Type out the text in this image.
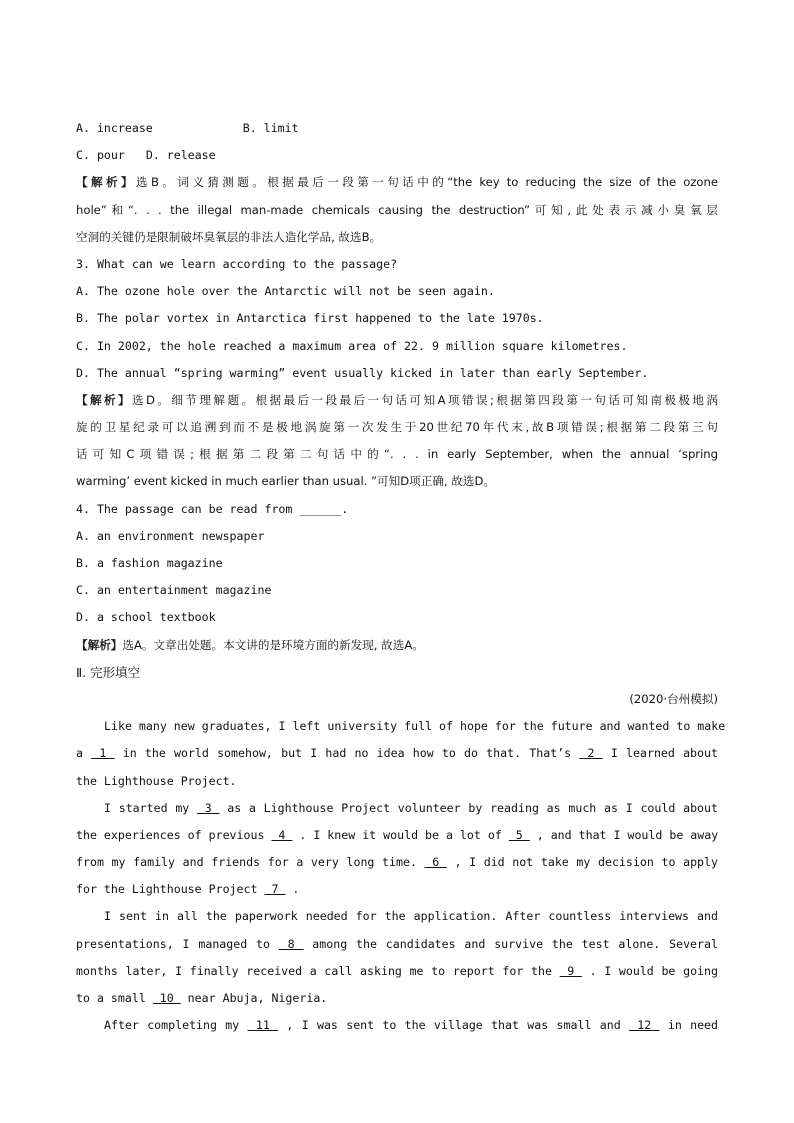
A. increase	B. limit
C. pour D. release
【解析】选B。词义猜测题。根据最后一段第一句话中的“the key to reducing the size of the ozone
hole”和“. . . the illegal man-made chemicals causing the destruction”可知,此处表示减小臭氧层
空洞的关键仍是限制破坏臭氧层的非法人造化学品, 故选B。
3. What can we learn according to the passage?
A. The ozone hole over the Antarctic will not be seen again.
B. The polar vortex in Antarctica first happened to the late 1970s.
C. In 2002, the hole reached a maximum area of 22. 9 million square kilometres.
D. The annual “spring warming” event usually kicked in later than early September.
【解析】选D。细节理解题。根据最后一段最后一句话可知A项错误;根据第四段第一句话可知南极极地涡
旋的卫星纪录可以追溯到而不是极地涡旋第一次发生于20世纪70年代末,故B项错误;根据第二段第三句
话可知C项错误;根据第二段第二句话中的“. . . in early September, when the annual ‘spring
warming’ event kicked in much earlier than usual. ”可知D项正确, 故选D。
4. The passage can be read from ______.
A. an environment newspaper
B. a fashion magazine
C. an entertainment magazine
D. a school textbook
【解析】选A。文章出处题。本文讲的是环境方面的新发现, 故选A。
Ⅱ. 完形填空
(2020·台州模拟)
Like many new graduates, I left university full of hope for the future and wanted to make
a  1  in the world somehow, but I had no idea how to do that. That’s  2  I learned about
the Lighthouse Project.
I started my  3  as a Lighthouse Project volunteer by reading as much as I could about
the experiences of previous  4  . I knew it would be a lot of  5  , and that I would be away
from my family and friends for a very long time.  6  , I did not take my decision to apply
for the Lighthouse Project  7  .
I sent in all the paperwork needed for the application. After countless interviews and
presentations, I managed to  8  among the candidates and survive the test alone. Several
months later, I finally received a call asking me to report for the  9  . I would be going
to a small  10  near Abuja, Nigeria.
After completing my  11  , I was sent to the village that was small and  12  in need
